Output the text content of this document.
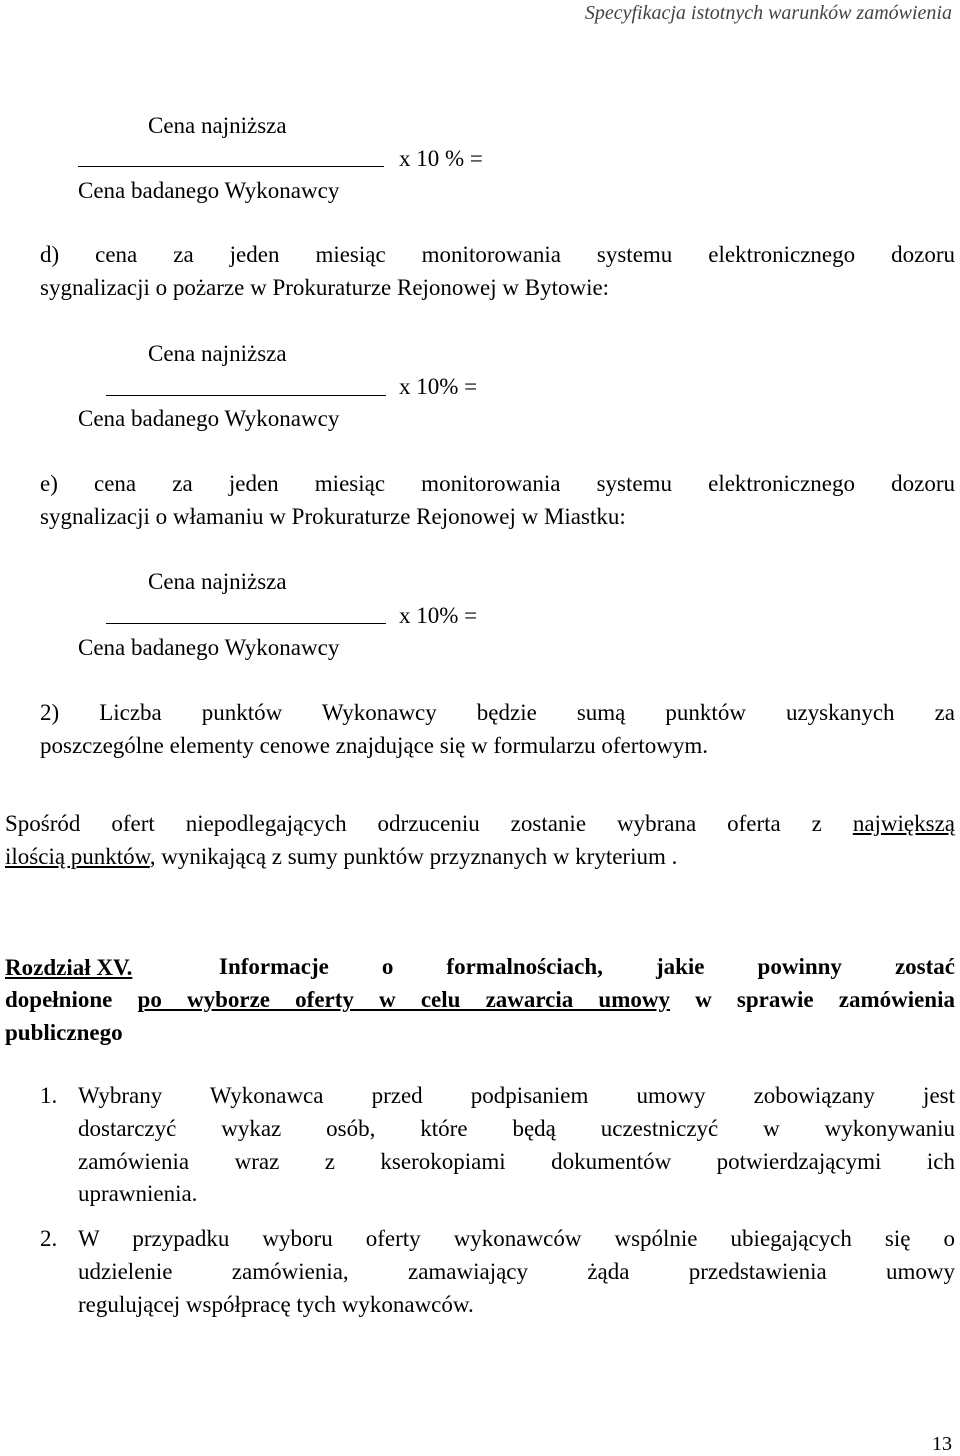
Specyfikacja istotnych warunków zamówienia
Cena najniższa
x 10 % =
Cena badanego Wykonawcy
d) cena za jeden miesiąc monitorowania systemu elektronicznego dozoru
sygnalizacji o pożarze w Prokuraturze Rejonowej w Bytowie:
Cena najniższa
x 10% =
Cena badanego Wykonawcy
e) cena za jeden miesiąc monitorowania systemu elektronicznego dozoru
sygnalizacji o włamaniu w Prokuraturze Rejonowej w Miastku:
Cena najniższa
x 10% =
Cena badanego Wykonawcy
2) Liczba punktów Wykonawcy będzie sumą punktów uzyskanych za
poszczególne elementy cenowe znajdujące się w formularzu ofertowym.
Spośród ofert niepodlegających odrzuceniu zostanie wybrana oferta z największą
ilością punktów, wynikającą z sumy punktów przyznanych w kryterium .
Rozdział XV.	Informacje o formalnościach, jakie powinny zostać
dopełnione po wyborze oferty w celu zawarcia umowy w sprawie zamówienia
publicznego
1. Wybrany Wykonawca przed podpisaniem umowy zobowiązany jest
dostarczyć wykaz osób, które będą uczestniczyć w wykonywaniu
zamówienia wraz z kserokopiami dokumentów potwierdzającymi ich
uprawnienia.
2. W przypadku wyboru oferty wykonawców wspólnie ubiegających się o
udzielenie zamówienia, zamawiający żąda przedstawienia umowy
regulującej współpracę tych wykonawców.
13
